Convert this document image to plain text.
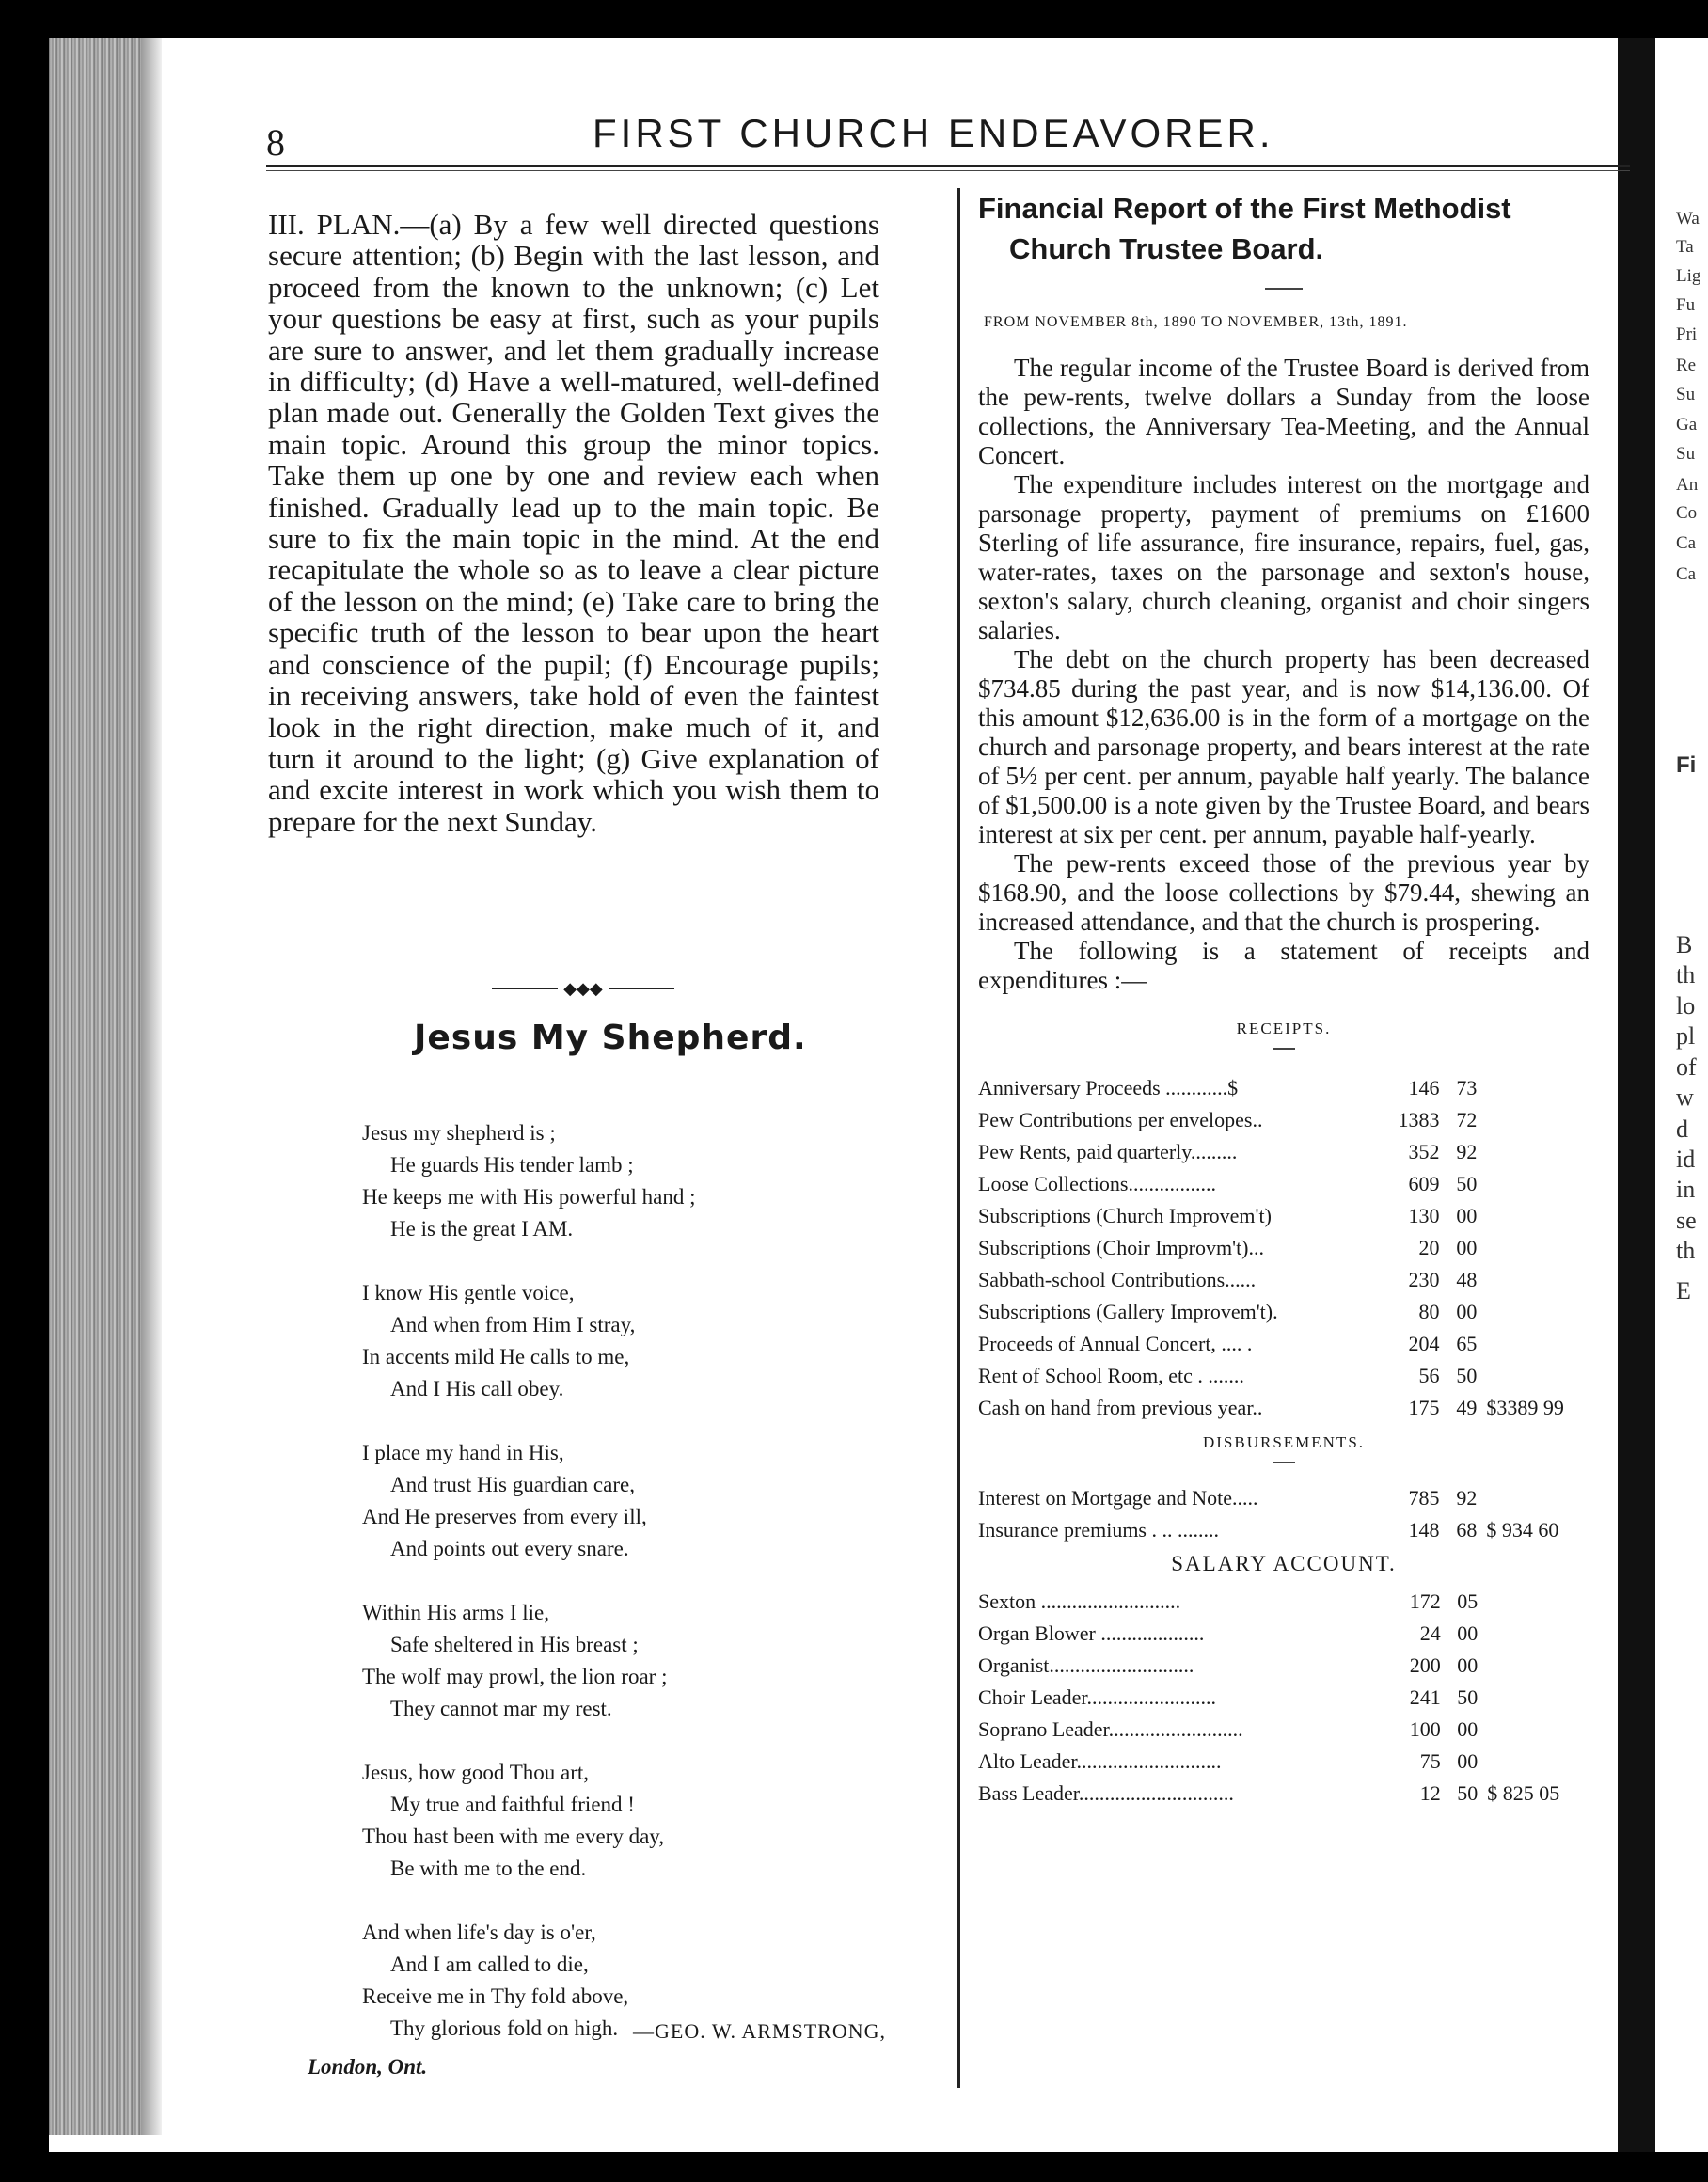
Wa
Ta
Lig
Fu
Pri
Re
Su
Ga
Su
An
Co
Ca
Ca
Fi
B
th
lo
pl
of
w
d
id
in
se
th
E
8	FIRST CHURCH ENDEAVORER.

III. PLAN.—(a) By a few well directed questions secure attention; (b) Begin with the last lesson, and proceed from the known to the unknown; (c) Let your questions be easy at first, such as your pupils are sure to answer, and let them gradually increase in difficulty; (d) Have a well-matured, well-defined plan made out. Generally the Golden Text gives the main topic. Around this group the minor topics. Take them up one by one and review each when finished. Gradually lead up to the main topic. Be sure to fix the main topic in the mind. At the end recapitulate the whole so as to leave a clear picture of the lesson on the mind; (e) Take care to bring the specific truth of the lesson to bear upon the heart and conscience of the pupil; (f) Encourage pupils; in receiving answers, take hold of even the faintest look in the right direction, make much of it, and turn it around to the light; (g) Give explanation of and excite interest in work which you wish them to prepare for the next Sunday.

◆◆◆
Jesus My Shepherd.
Jesus my shepherd is ;
He guards His tender lamb ;
He keeps me with His powerful hand ;
He is the great I AM.
I know His gentle voice,
And when from Him I stray,
In accents mild He calls to me,
And I His call obey.
I place my hand in His,
And trust His guardian care,
And He preserves from every ill,
And points out every snare.
Within His arms I lie,
Safe sheltered in His breast ;
The wolf may prowl, the lion roar ;
They cannot mar my rest.
Jesus, how good Thou art,
My true and faithful friend !
Thou hast been with me every day,
Be with me to the end.
And when life's day is o'er,
And I am called to die,
Receive me in Thy fold above,
Thy glorious fold on high. —GEO. W. ARMSTRONG,
London, Ont.
Financial Report of the First Methodist
Church Trustee Board.
FROM NOVEMBER 8th, 1890 TO NOVEMBER, 13th, 1891.

The regular income of the Trustee Board is derived from the pew-rents, twelve dollars a Sunday from the loose collections, the Anniversary Tea-Meeting, and the Annual Concert.

The expenditure includes interest on the mortgage and parsonage property, payment of premiums on £1600 Sterling of life assurance, fire insurance, repairs, fuel, gas, water-rates, taxes on the parsonage and sexton's house, sexton's salary, church cleaning, organist and choir singers salaries.

The debt on the church property has been decreased $734.85 during the past year, and is now $14,136.00. Of this amount $12,636.00 is in the form of a mortgage on the church and parsonage property, and bears interest at the rate of 5½ per cent. per annum, payable half yearly. The balance of $1,500.00 is a note given by the Trustee Board, and bears interest at six per cent. per annum, payable half-yearly.

The pew-rents exceed those of the previous year by $168.90, and the loose collections by $79.44, shewing an increased attendance, and that the church is prospering.

The following is a statement of receipts and expenditures :—

RECEIPTS.
Anniversary Proceeds ............$	146 73
Pew Contributions per envelopes..	1383 72
Pew Rents, paid quarterly.........	352 92
Loose Collections.................	609 50
Subscriptions (Church Improvem't)	130 00
Subscriptions (Choir Improvm't)...	20 00
Sabbath-school Contributions......	230 48
Subscriptions (Gallery Improvem't).	80 00
Proceeds of Annual Concert, .... .	204 65
Rent of School Room, etc . .......	56 50
Cash on hand from previous year..	175 49 $3389 99
DISBURSEMENTS.
Interest on Mortgage and Note.....	785 92
Insurance premiums . .. ........	148 68 $ 934 60
SALARY ACCOUNT.
Sexton ...........................	172 05
Organ Blower ....................	24 00
Organist............................	200 00
Choir Leader.........................	241 50
Soprano Leader..........................	100 00
Alto Leader............................	75 00
Bass Leader..............................	12 50 $ 825 05
